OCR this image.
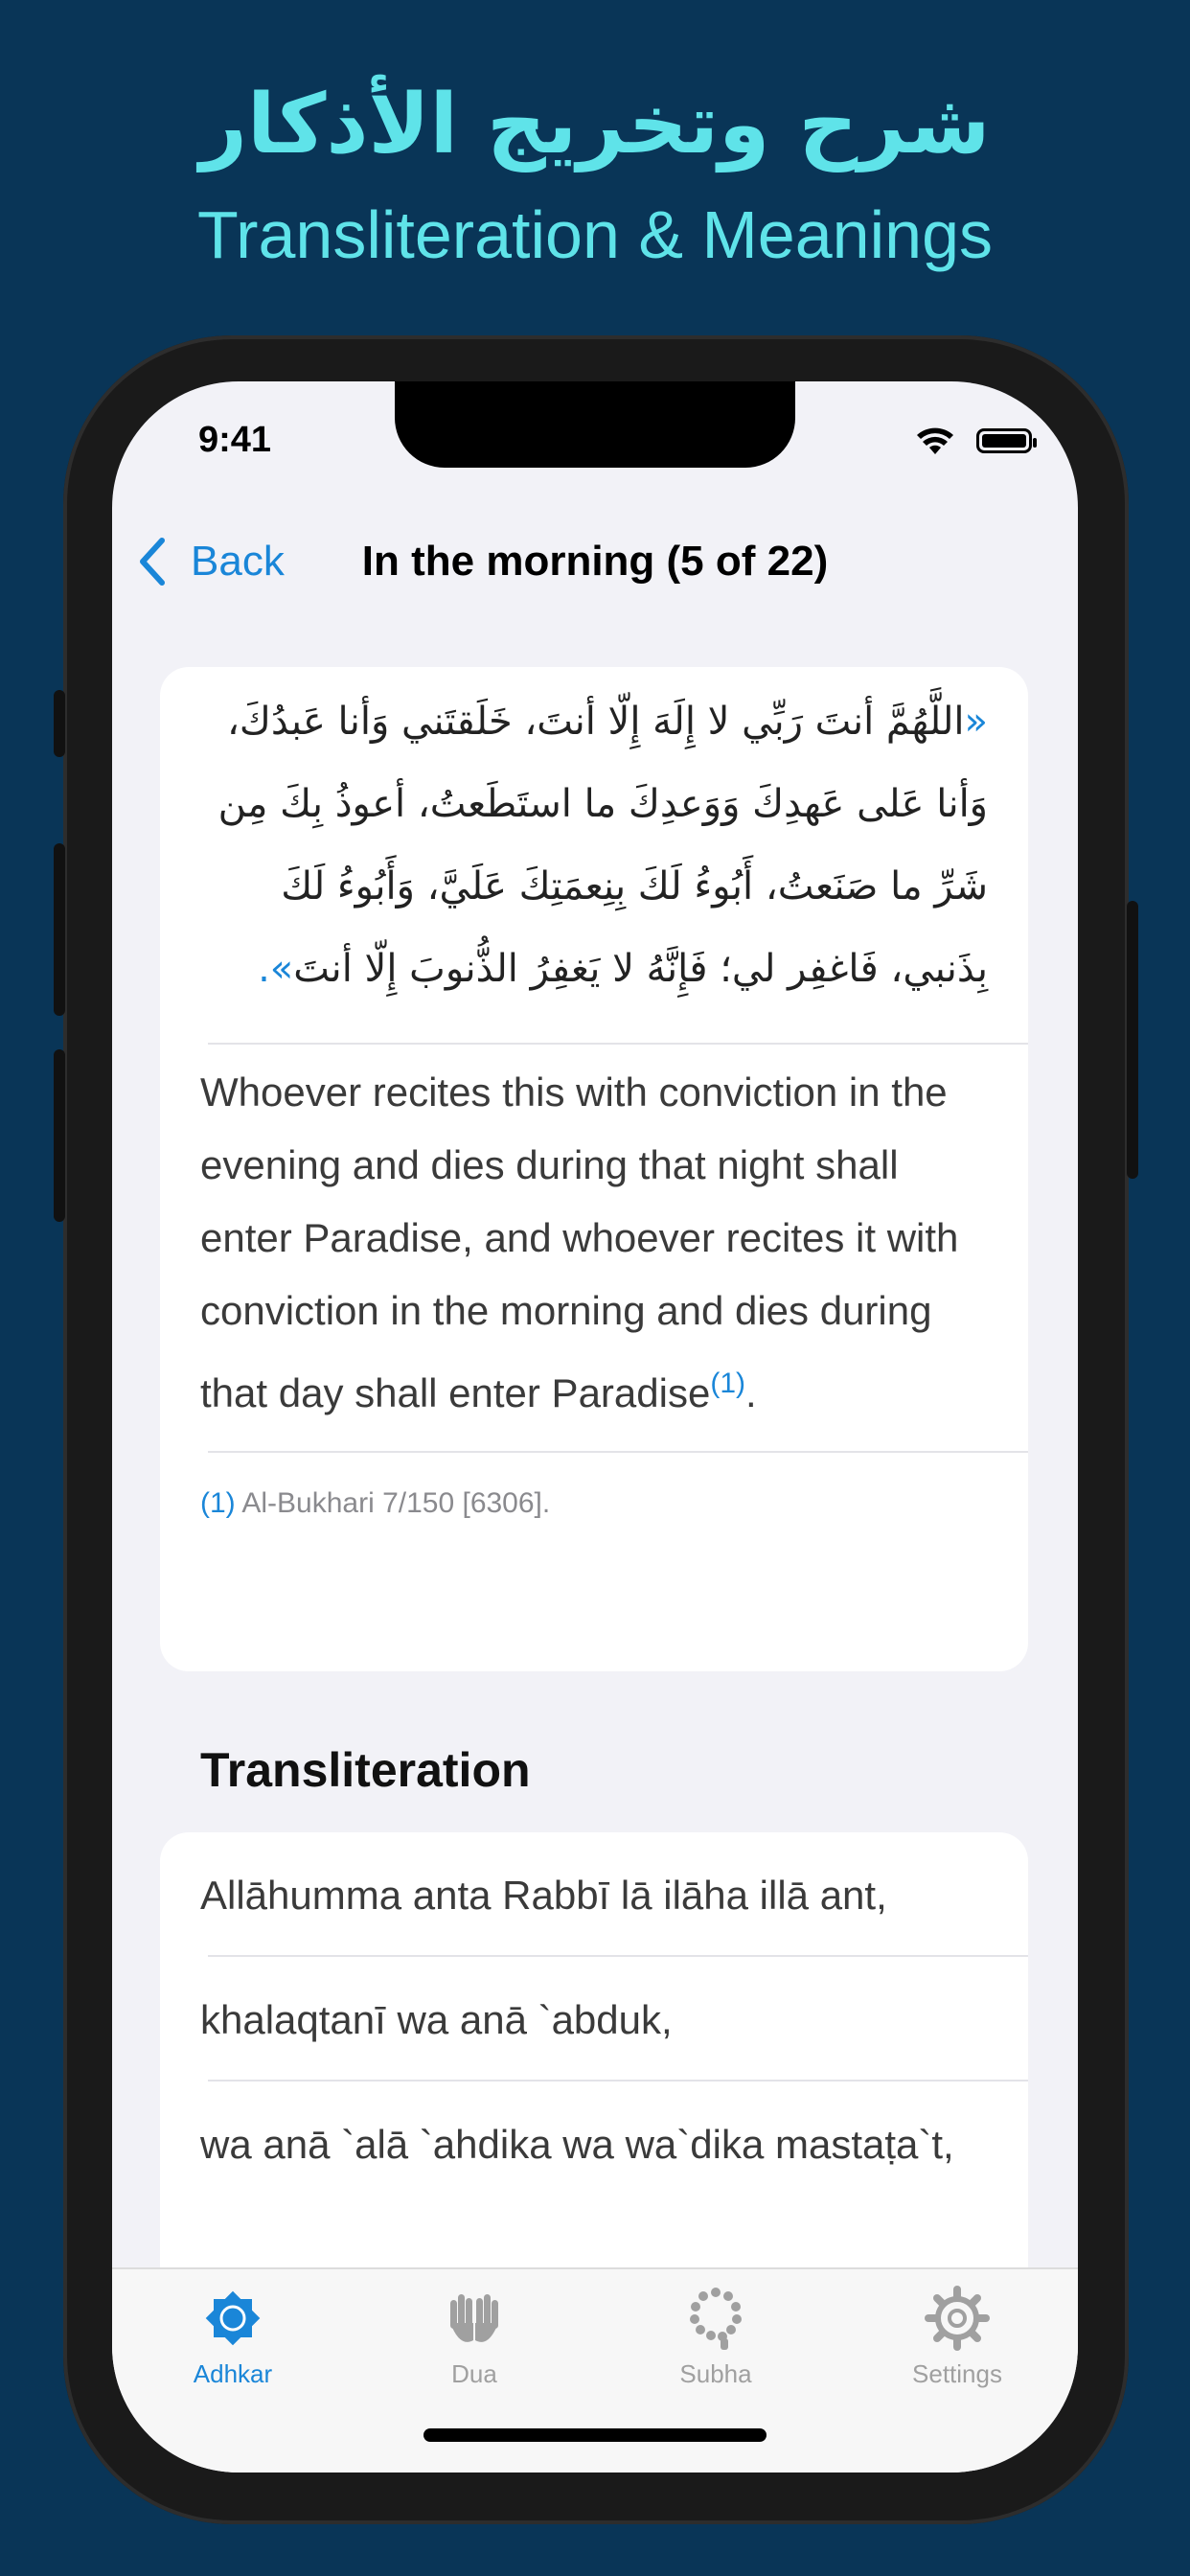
شرح وتخريج الأذكار
Transliteration & Meanings
9:41
Back	In the morning (5 of 22)
«اللَّهُمَّ أنتَ رَبِّي لا إِلَهَ إِلّا أنتَ، خَلَقتَني وَأنا عَبدُكَ، وَأنا عَلى عَهدِكَ وَوَعدِكَ ما استَطَعتُ، أعوذُ بِكَ مِن شَرِّ ما صَنَعتُ، أَبُوءُ لَكَ بِنِعمَتِكَ عَلَيَّ، وَأَبُوءُ لَكَ بِذَنبي، فَاغفِر لي؛ فَإِنَّهُ لا يَغفِرُ الذُّنوبَ إِلّا أنتَ».
Whoever recites this with conviction in the evening and dies during that night shall enter Paradise, and whoever recites it with conviction in the morning and dies during that day shall enter Paradise$^{(1)}$.
(1) Al-Bukhari 7/150 [6306].
Transliteration
Allāhumma anta Rabbī lā ilāha illā ant,
khalaqtanī wa anā `abduk,
wa anā `alā `ahdika wa wa`dika mastaṭa`t,
Adhkar	Dua	Subha	Settings
